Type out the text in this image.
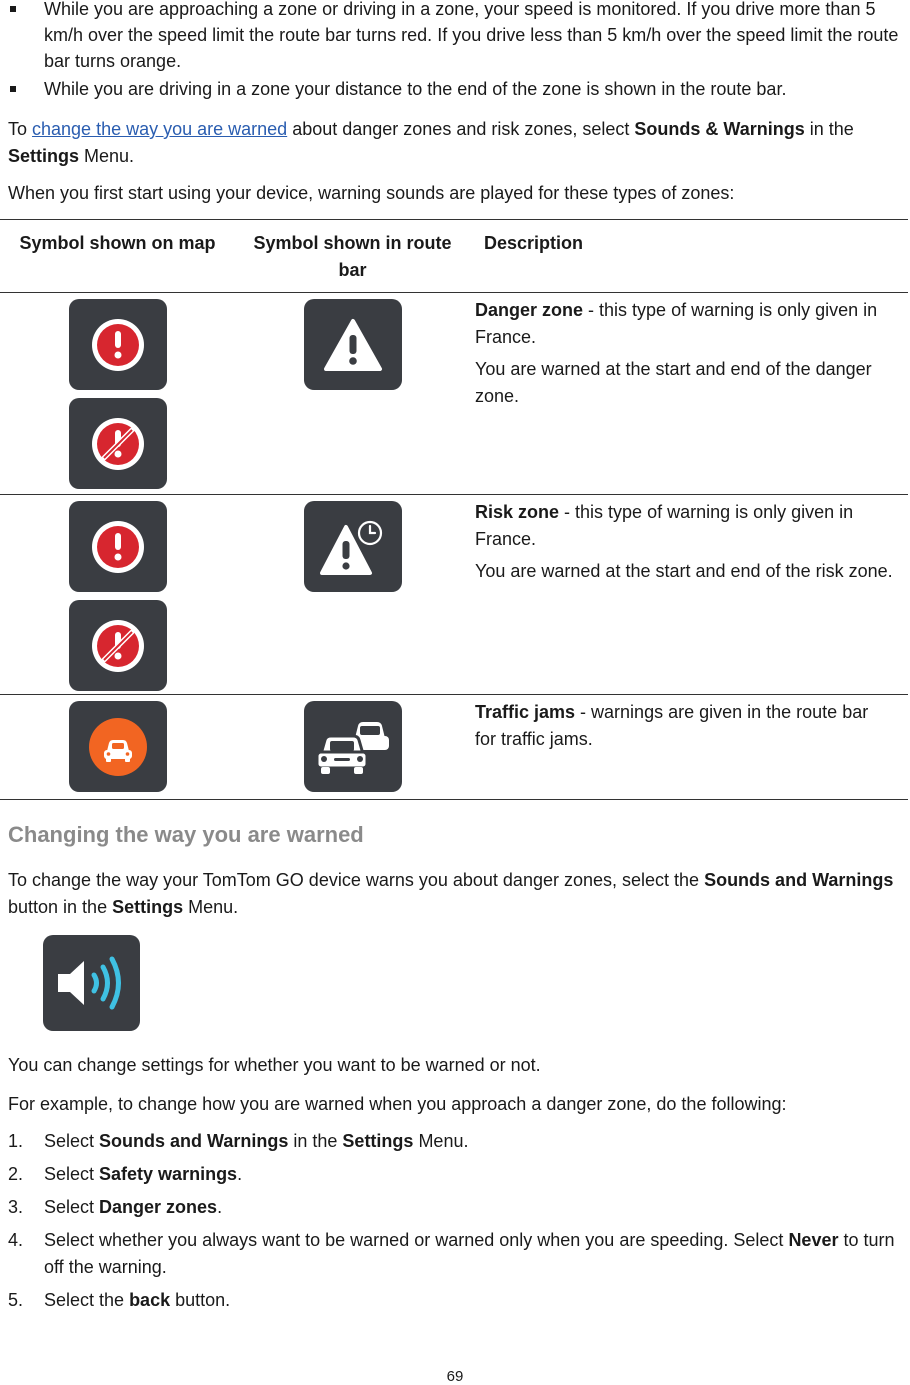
While you are approaching a zone or driving in a zone, your speed is monitored. If you drive more than 5 km/h over the speed limit the route bar turns red. If you drive less than 5 km/h over the speed limit the route bar turns orange.
While you are driving in a zone your distance to the end of the zone is shown in the route bar.
To change the way you are warned about danger zones and risk zones, select Sounds & Warnings in the Settings Menu.
When you first start using your device, warning sounds are played for these types of zones:
Symbol shown on map	Symbol shown in route bar	Description

Danger zone - this type of warning is only given in France.

You are warned at the start and end of the danger zone.

Risk zone - this type of warning is only given in France.

You are warned at the start and end of the risk zone.

Traffic jams - warnings are given in the route bar for traffic jams.

Changing the way you are warned
To change the way your TomTom GO device warns you about danger zones, select the Sounds and Warnings button in the Settings Menu.
You can change settings for whether you want to be warned or not.
For example, to change how you are warned when you approach a danger zone, do the following:
1. Select Sounds and Warnings in the Settings Menu.
2. Select Safety warnings.
3. Select Danger zones.
4. Select whether you always want to be warned or warned only when you are speeding. Select Never to turn off the warning.
5. Select the back button.
69
